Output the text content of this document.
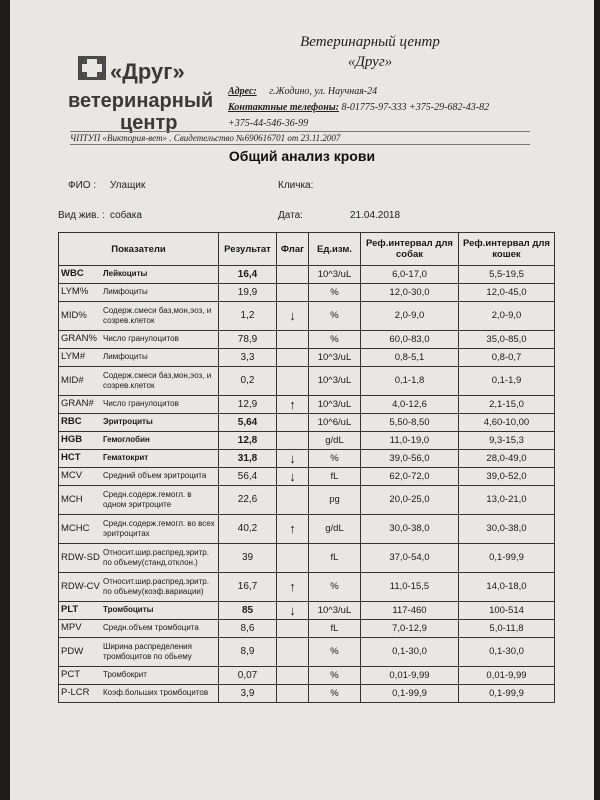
«Друг»
ветеринарный
центр
Ветеринарный центр
«Друг»
Адрес: г.Жодино, ул. Научная-24
Контактные телефоны: 8-01775-97-333 +375-29-682-43-82
+375-44-546-36-99
ЧПТУП «Виктория-вет» . Свидетельство №690616701 от 23.11.2007
Общий анализ крови
ФИО : Улащик	Кличка:
Вид жив. : собака	Дата:	21.04.2018
Показатели	Результат	Флаг	Ед.изм.	Реф.интервал для собак	Реф.интервал для кошек
WBC Лейкоциты	16,4		10^3/uL	6,0-17,0	5,5-19,5
LYM% Лимфоциты	19,9		%	12,0-30,0	12,0-45,0
MID% Содерж.смеси баз,мон,эоз, и созрев.клеток	1,2	↓	%	2,0-9,0	2,0-9,0
GRAN% Число гранулоцитов	78,9		%	60,0-83,0	35,0-85,0
LYM# Лимфоциты	3,3		10^3/uL	0,8-5,1	0,8-0,7
MID# Содерж.смеси баз,мон,эоз, и созрев.клеток	0,2		10^3/uL	0,1-1,8	0,1-1,9
GRAN# Число гранулоцитов	12,9	↑	10^3/uL	4,0-12,6	2,1-15,0
RBC Эритроциты	5,64		10^6/uL	5,50-8,50	4,60-10,00
HGB Гемоглобин	12,8		g/dL	11,0-19,0	9,3-15,3
HCT Гематокрит	31,8	↓	%	39,0-56,0	28,0-49,0
MCV Средний объем эритроцита	56,4	↓	fL	62,0-72,0	39,0-52,0
MCH Средн.содерж.гемогл. в одном эритроците	22,6		pg	20,0-25,0	13,0-21,0
MCHC Средн.содерж.гемогл. во всех эритроцитах	40,2	↑	g/dL	30,0-38,0	30,0-38,0
RDW-SD Относит.шир.распред.эритр. по объему(станд.отклон.)	39		fL	37,0-54,0	0,1-99,9
RDW-CV Относит.шир.распред.эритр. по объему(коэф.вариации)	16,7	↑	%	11,0-15,5	14,0-18,0
PLT Тромбоциты	85	↓	10^3/uL	117-460	100-514
MPV Средн.объем тромбоцита	8,6		fL	7,0-12,9	5,0-11,8
PDW Ширина распределения тромбоцитов по обьему	8,9		%	0,1-30,0	0,1-30,0
PCT Тромбокрит	0,07		%	0,01-9,99	0,01-9,99
P-LCR Коэф.больших тромбоцитов	3,9		%	0,1-99,9	0,1-99,9
